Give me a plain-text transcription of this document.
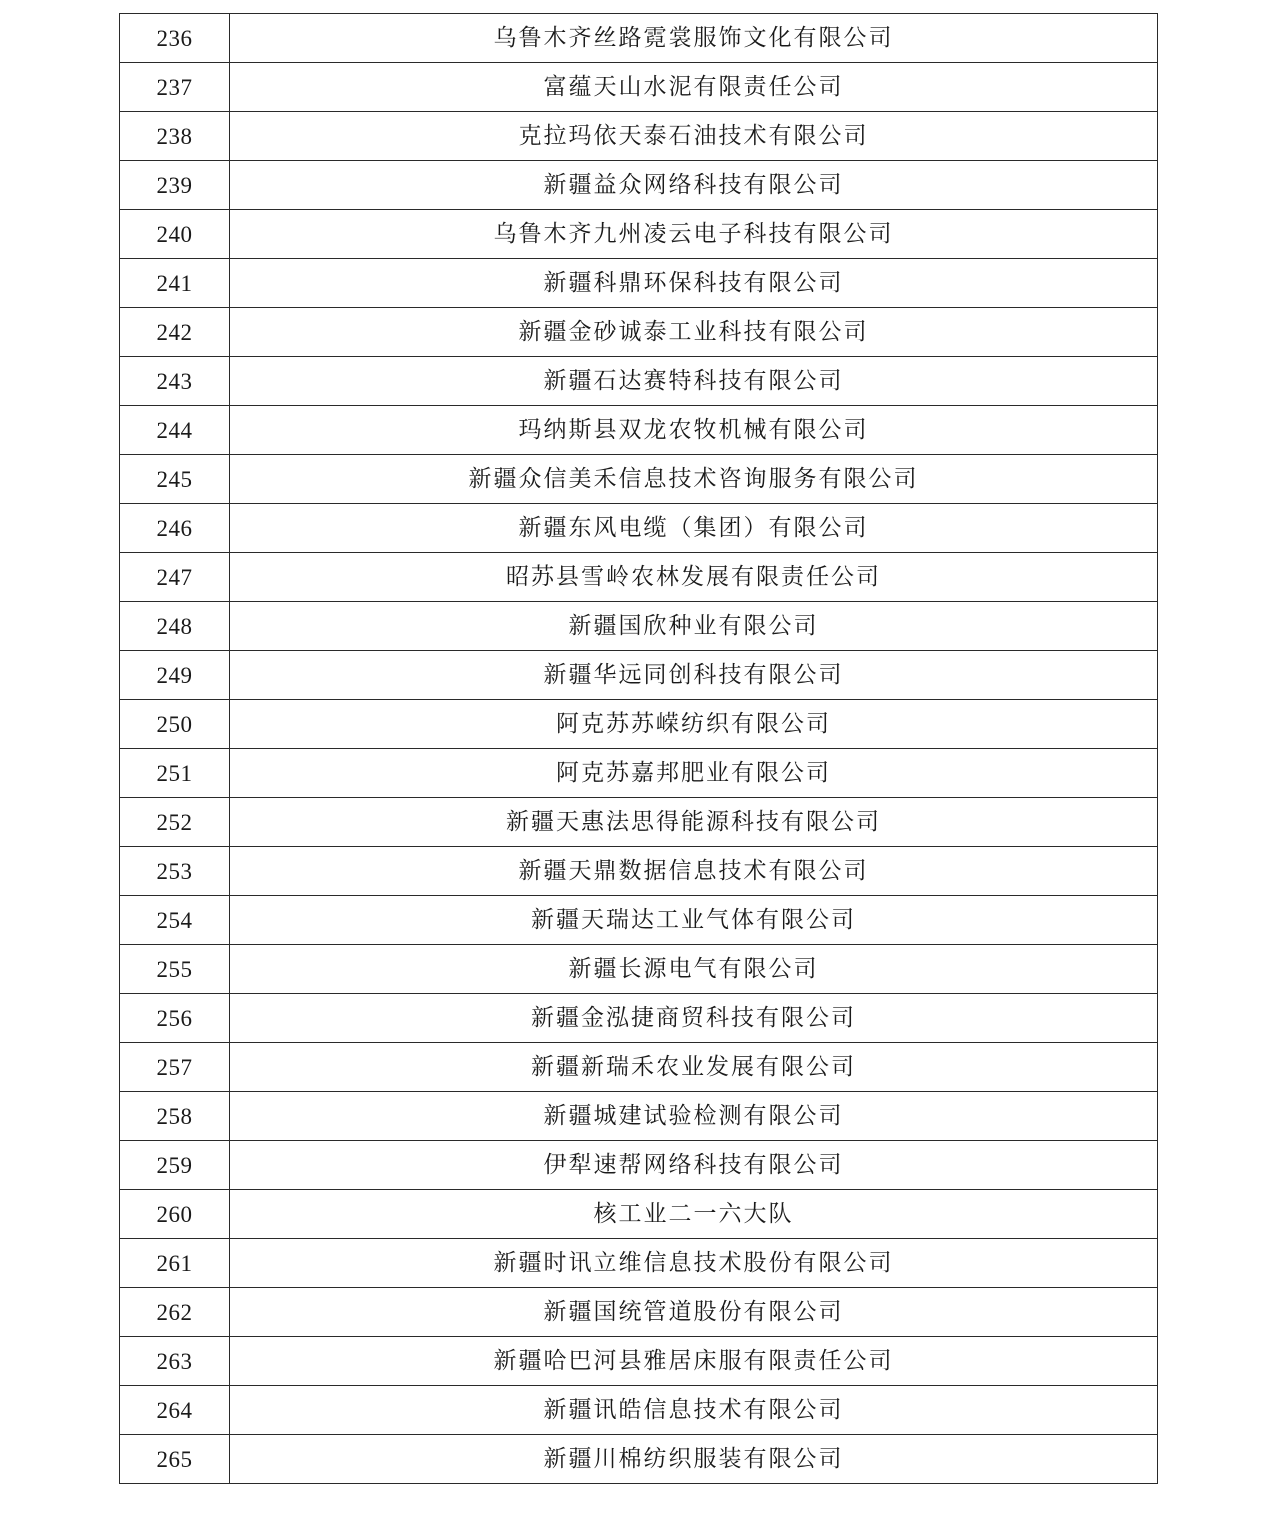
236	乌鲁木齐丝路霓裳服饰文化有限公司
237	富蕴天山水泥有限责任公司
238	克拉玛依天泰石油技术有限公司
239	新疆益众网络科技有限公司
240	乌鲁木齐九州凌云电子科技有限公司
241	新疆科鼎环保科技有限公司
242	新疆金砂诚泰工业科技有限公司
243	新疆石达赛特科技有限公司
244	玛纳斯县双龙农牧机械有限公司
245	新疆众信美禾信息技术咨询服务有限公司
246	新疆东风电缆（集团）有限公司
247	昭苏县雪岭农林发展有限责任公司
248	新疆国欣种业有限公司
249	新疆华远同创科技有限公司
250	阿克苏苏嵘纺织有限公司
251	阿克苏嘉邦肥业有限公司
252	新疆天惠法思得能源科技有限公司
253	新疆天鼎数据信息技术有限公司
254	新疆天瑞达工业气体有限公司
255	新疆长源电气有限公司
256	新疆金泓捷商贸科技有限公司
257	新疆新瑞禾农业发展有限公司
258	新疆城建试验检测有限公司
259	伊犁速帮网络科技有限公司
260	核工业二一六大队
261	新疆时讯立维信息技术股份有限公司
262	新疆国统管道股份有限公司
263	新疆哈巴河县雅居床服有限责任公司
264	新疆讯皓信息技术有限公司
265	新疆川棉纺织服装有限公司
